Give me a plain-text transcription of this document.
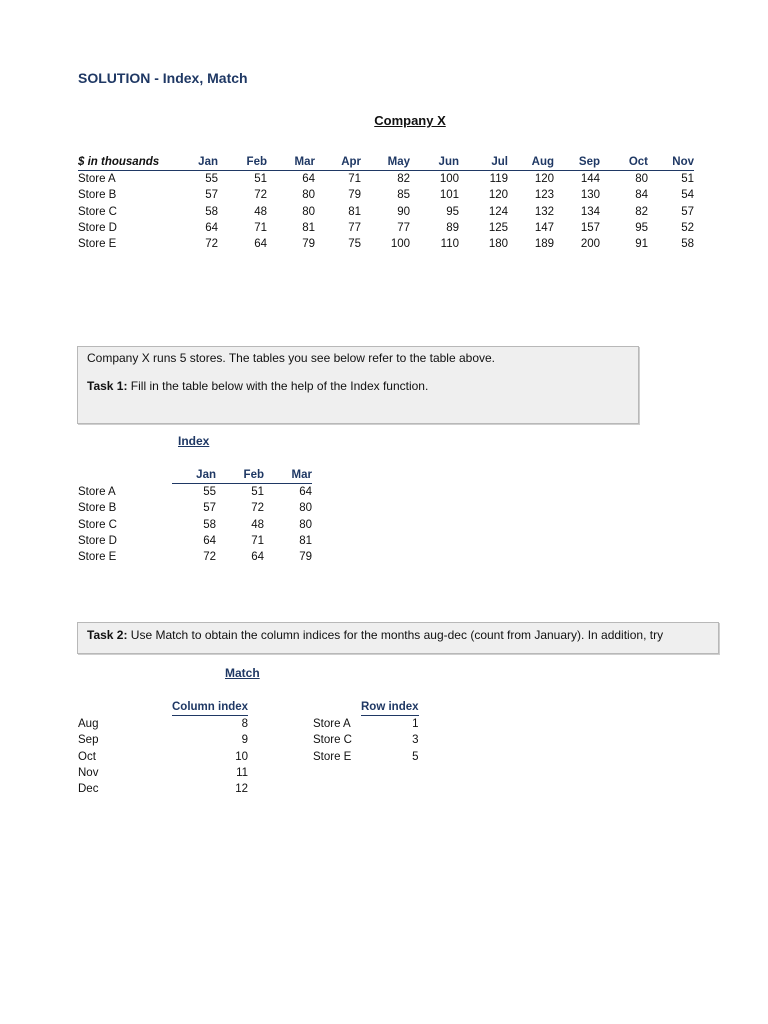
SOLUTION - Index, Match
Company X
$ in thousands	Jan	Feb	Mar	Apr	May	Jun	Jul	Aug	Sep	Oct	Nov
Store A	55	51	64	71	82	100	119	120	144	80	51
Store B	57	72	80	79	85	101	120	123	130	84	54
Store C	58	48	80	81	90	95	124	132	134	82	57
Store D	64	71	81	77	77	89	125	147	157	95	52
Store E	72	64	79	75	100	110	180	189	200	91	58

Company X runs 5 stores. The tables you see below refer to the table above.

Task 1: Fill in the table below with the help of the Index function.

Index
	Jan	Feb	Mar
Store A	55	51	64
Store B	57	72	80
Store C	58	48	80
Store D	64	71	81
Store E	72	64	79

Task 2: Use Match to obtain the column indices for the months aug-dec (count from January). In addition, try

Match
	Column index
Aug	8
Sep	9
Oct	10
Nov	11
Dec	12
	Row index
Store A	1
Store C	3
Store E	5
